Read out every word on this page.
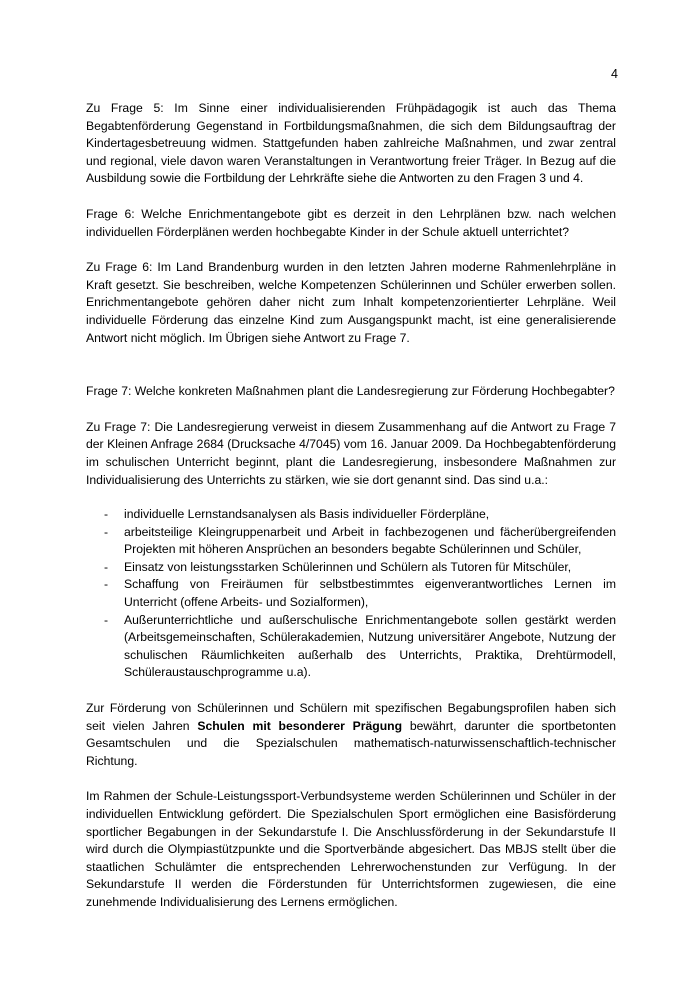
4

Zu Frage 5: Im Sinne einer individualisierenden Frühpädagogik ist auch das Thema Begabtenförderung Gegenstand in Fortbildungsmaßnahmen, die sich dem Bildungsauftrag der Kindertagesbetreuung widmen. Stattgefunden haben zahlreiche Maßnahmen, und zwar zentral und regional, viele davon waren Veranstaltungen in Verantwortung freier Träger. In Bezug auf die Ausbildung sowie die Fortbildung der Lehrkräfte siehe die Antworten zu den Fragen 3 und 4.

Frage 6: Welche Enrichmentangebote gibt es derzeit in den Lehrplänen bzw. nach welchen individuellen Förderplänen werden hochbegabte Kinder in der Schule aktuell unterrichtet?

Zu Frage 6: Im Land Brandenburg wurden in den letzten Jahren moderne Rahmenlehrpläne in Kraft gesetzt. Sie beschreiben, welche Kompetenzen Schülerinnen und Schüler erwerben sollen. Enrichmentangebote gehören daher nicht zum Inhalt kompetenzorientierter Lehrpläne. Weil individuelle Förderung das einzelne Kind zum Ausgangspunkt macht, ist eine generalisierende Antwort nicht möglich. Im Übrigen siehe Antwort zu Frage 7.

Frage 7: Welche konkreten Maßnahmen plant die Landesregierung zur Förderung Hochbegabter?

Zu Frage 7: Die Landesregierung verweist in diesem Zusammenhang auf die Antwort zu Frage 7 der Kleinen Anfrage 2684 (Drucksache 4/7045) vom 16. Januar 2009. Da Hochbegabtenförderung im schulischen Unterricht beginnt, plant die Landesregierung, insbesondere Maßnahmen zur Individualisierung des Unterrichts zu stärken, wie sie dort genannt sind. Das sind u.a.:

- individuelle Lernstandsanalysen als Basis individueller Förderpläne,
- arbeitsteilige Kleingruppenarbeit und Arbeit in fachbezogenen und fächerübergreifenden Projekten mit höheren Ansprüchen an besonders begabte Schülerinnen und Schüler,
- Einsatz von leistungsstarken Schülerinnen und Schülern als Tutoren für Mitschüler,
- Schaffung von Freiräumen für selbstbestimmtes eigenverantwortliches Lernen im Unterricht (offene Arbeits- und Sozialformen),
- Außerunterrichtliche und außerschulische Enrichmentangebote sollen gestärkt werden (Arbeitsgemeinschaften, Schülerakademien, Nutzung universitärer Angebote, Nutzung der schulischen Räumlichkeiten außerhalb des Unterrichts, Praktika, Drehtürmodell, Schüleraustauschprogramme u.a).

Zur Förderung von Schülerinnen und Schülern mit spezifischen Begabungsprofilen haben sich seit vielen Jahren Schulen mit besonderer Prägung bewährt, darunter die sportbetonten Gesamtschulen und die Spezialschulen mathematisch-naturwissenschaftlich-technischer Richtung.

Im Rahmen der Schule-Leistungssport-Verbundsysteme werden Schülerinnen und Schüler in der individuellen Entwicklung gefördert. Die Spezialschulen Sport ermöglichen eine Basisförderung sportlicher Begabungen in der Sekundarstufe I. Die Anschlussförderung in der Sekundarstufe II wird durch die Olympiastützpunkte und die Sportverbände abgesichert. Das MBJS stellt über die staatlichen Schulämter die entsprechenden Lehrerwochenstunden zur Verfügung. In der Sekundarstufe II werden die Förderstunden für Unterrichtsformen zugewiesen, die eine zunehmende Individualisierung des Lernens ermöglichen.
